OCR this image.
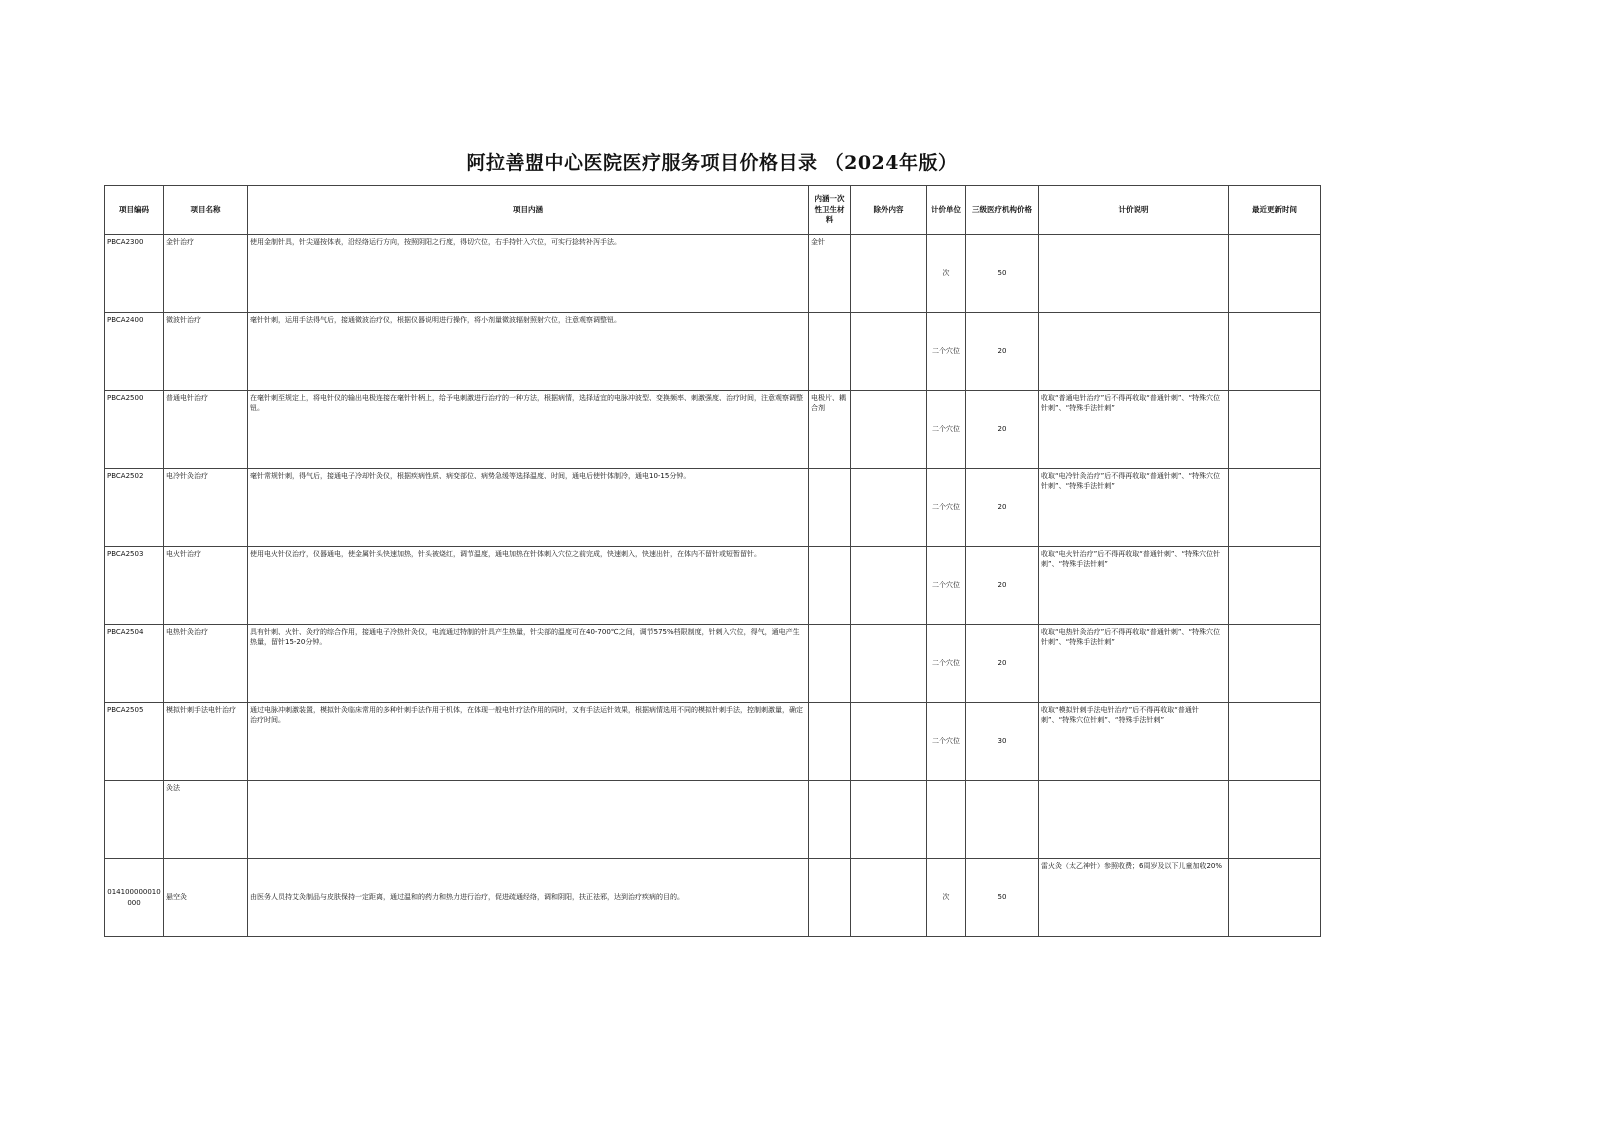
阿拉善盟中心医院医疗服务项目价格目录 （2024年版）
项目编码	项目名称	项目内涵	内涵一次性卫生材料	除外内容	计价单位	三级医疗机构价格	计价说明	最近更新时间
PBCA2300	金针治疗	使用金制针具，针尖逼按体表，沿经络运行方向，按照阴阳之行度，得切穴位，右手持针入穴位，可实行捻转补泻手法。	金针		次	50		
PBCA2400	微波针治疗	毫针针刺，运用手法得气后，接通微波治疗仪，根据仪器说明进行操作，将小剂量微波辐射照射穴位，注意观察调整钮。			二个穴位	20		
PBCA2500	普通电针治疗	在毫针刺至规定上，将电针仪的输出电极连接在毫针针柄上，给予电刺激进行治疗的一种方法，根据病情，选择适宜的电脉冲波型、变换频率、刺激强度、治疗时间，注意观察调整钮。	电极片、耦合剂		二个穴位	20	收取“普通电针治疗”后不得再收取“普通针刺”、“特殊穴位针刺”、“特殊手法针刺”	
PBCA2502	电冷针灸治疗	毫针常规针刺，得气后，接通电子冷却针灸仪，根据疾病性质、病变部位、病势急缓等选择温度、时间，通电后使针体制冷，通电10-15分钟。			二个穴位	20	收取“电冷针灸治疗”后不得再收取“普通针刺”、“特殊穴位针刺”、“特殊手法针刺”	
PBCA2503	电火针治疗	使用电火针仪治疗，仪器通电，使金属针头快速加热，针头被烧红，调节温度，通电加热在针体刺入穴位之前完成，快速刺入，快速出针，在体内不留针或短暂留针。			二个穴位	20	收取“电火针治疗”后不得再收取“普通针刺”、“特殊穴位针刺”、“特殊手法针刺”	
PBCA2504	电热针灸治疗	具有针刺、火针、灸疗的综合作用，接通电子冷热针灸仪，电流通过特制的针具产生热量，针尖部的温度可在40-700℃之间，调节575%档限制度，针刺入穴位，得气，通电产生热量，留针15-20分钟。			二个穴位	20	收取“电热针灸治疗”后不得再收取“普通针刺”、“特殊穴位针刺”、“特殊手法针刺”	
PBCA2505	模拟针刺手法电针治疗	通过电脉冲刺激装置，模拟针灸临床常用的多种针刺手法作用于机体，在体现一般电针疗法作用的同时，又有手法运针效果，根据病情选用不同的模拟针刺手法，控制刺激量，确定治疗时间。			二个穴位	30	收取“模拟针刺手法电针治疗”后不得再收取“普通针刺”、“特殊穴位针刺”、“特殊手法针刺”	
	灸法							
014100000010000	悬空灸	由医务人员持艾灸制品与皮肤保持一定距离，通过温和的药力和热力进行治疗，促进疏通经络，调和阴阳，扶正祛邪，达到治疗疾病的目的。			次	50	雷火灸（太乙神针）参照收费；6周岁及以下儿童加收20%	
